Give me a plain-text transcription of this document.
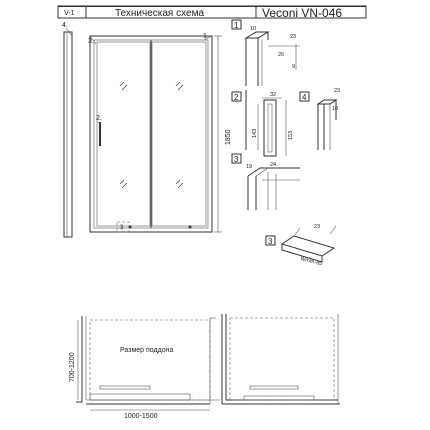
V-1	Техническая схема	Veconi VN-046
4.
3.
1.
2.
3
1850
1 10
23
26
9
2	32
143	153
4
23
10
3
19	24
3
23
Wmm-85
Размер поддона
700-1200
1000-1500
